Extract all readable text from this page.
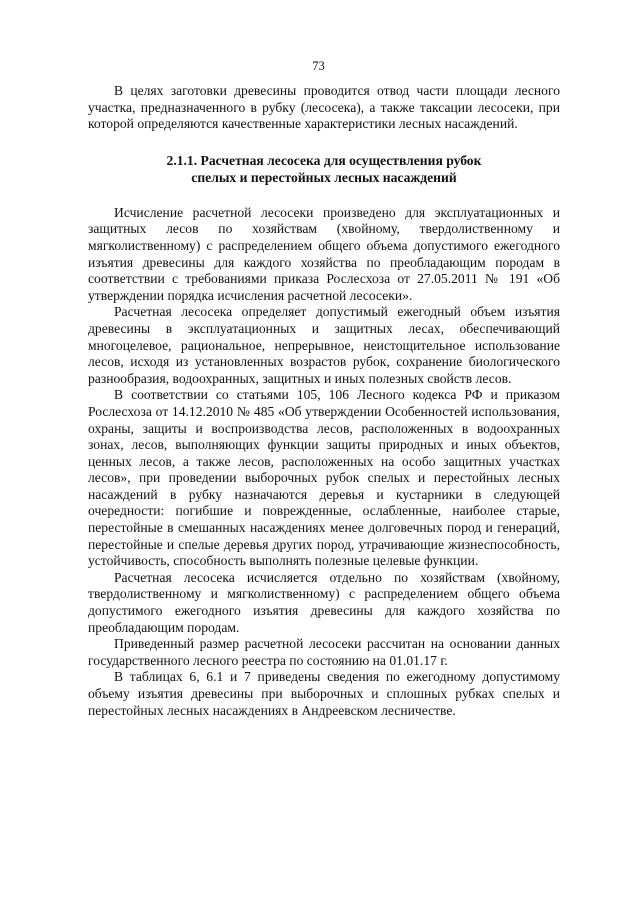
73

В целях заготовки древесины проводится отвод части площади лесного участка, предназначенного в рубку (лесосека), а также таксации лесосеки, при которой определяются качественные характеристики лесных насаждений.

2.1.1. Расчетная лесосека для осуществления рубок
спелых и перестойных лесных насаждений

Исчисление расчетной лесосеки произведено для эксплуатационных и защитных лесов по хозяйствам (хвойному, твердолиственному и мягколиственному) с распределением общего объема допустимого ежегодного изъятия древесины для каждого хозяйства по преобладающим породам в соответствии с требованиями приказа Рослесхоза от 27.05.2011 № 191 «Об утверждении порядка исчисления расчетной лесосеки».

Расчетная лесосека определяет допустимый ежегодный объем изъятия древесины в эксплуатационных и защитных лесах, обеспечивающий многоцелевое, рациональное, непрерывное, неистощительное использование лесов, исходя из установленных возрастов рубок, сохранение биологического разнообразия, водоохранных, защитных и иных полезных свойств лесов.

В соответствии со статьями 105, 106 Лесного кодекса РФ и приказом Рослесхоза от 14.12.2010 № 485 «Об утверждении Особенностей использования, охраны, защиты и воспроизводства лесов, расположенных в водоохранных зонах, лесов, выполняющих функции защиты природных и иных объектов, ценных лесов, а также лесов, расположенных на особо защитных участках лесов», при проведении выборочных рубок спелых и перестойных лесных насаждений в рубку назначаются деревья и кустарники в следующей очередности: погибшие и поврежденные, ослабленные, наиболее старые, перестойные в смешанных насаждениях менее долговечных пород и генераций, перестойные и спелые деревья других пород, утрачивающие жизнеспособность, устойчивость, способность выполнять полезные целевые функции.

Расчетная лесосека исчисляется отдельно по хозяйствам (хвойному, твердолиственному и мягколиственному) с распределением общего объема допустимого ежегодного изъятия древесины для каждого хозяйства по преобладающим породам.

Приведенный размер расчетной лесосеки рассчитан на основании данных государственного лесного реестра по состоянию на 01.01.17 г.

В таблицах 6, 6.1 и 7 приведены сведения по ежегодному допустимому объему изъятия древесины при выборочных и сплошных рубках спелых и перестойных лесных насаждениях в Андреевском лесничестве.
